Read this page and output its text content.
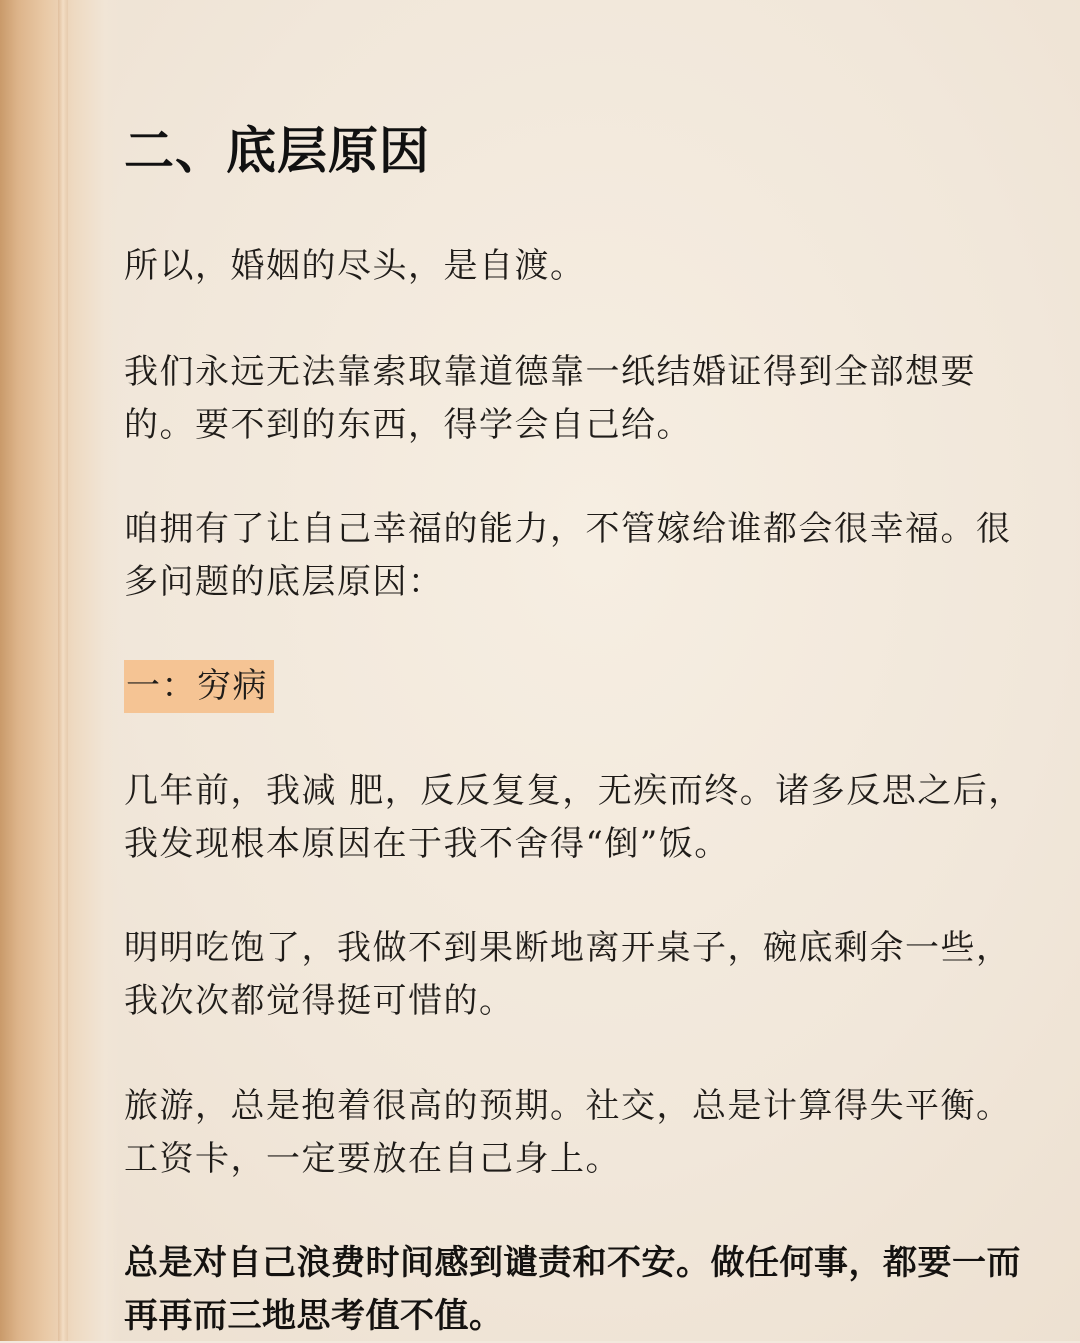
二、底层原因
所以，婚姻的尽头，是自渡。
我们永远无法靠索取靠道德靠一纸结婚证得到全部想要的。要不到的东西，得学会自己给。
咱拥有了让自己幸福的能力，不管嫁给谁都会很幸福。很多问题的底层原因：
一：穷病
几年前，我减 肥，反反复复，无疾而终。诸多反思之后，我发现根本原因在于我不舍得“倒”饭。
明明吃饱了，我做不到果断地离开桌子，碗底剩余一些，我次次都觉得挺可惜的。
旅游，总是抱着很高的预期。社交，总是计算得失平衡。工资卡，一定要放在自己身上。
总是对自己浪费时间感到谴责和不安。做任何事，都要一而再再而三地思考值不值。
